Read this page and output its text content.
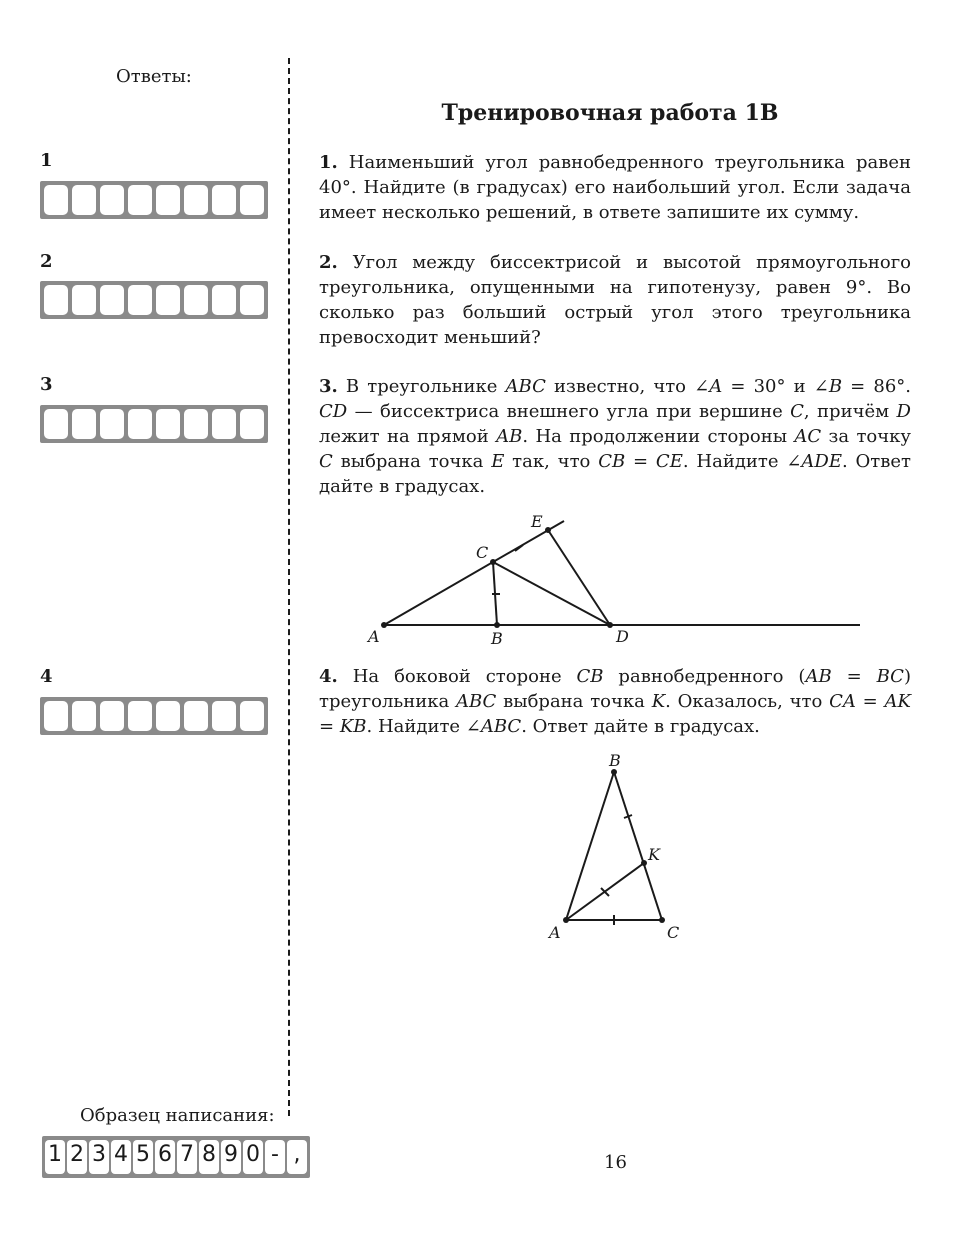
Ответы:
1
2
3
4
Тренировочная работа 1В
1. Наименьший угол равнобедренного треугольника равен 40°. Найдите (в градусах) его наибольший угол. Если задача имеет несколько решений, в ответе запишите их сумму.
2. Угол между биссектрисой и высотой прямоугольного треугольника, опущенными на гипотенузу, равен 9°. Во сколько раз больший острый угол этого треугольника превосходит меньший?
3. В треугольнике ABC известно, что ∠A = 30° и ∠B = 86°. CD — биссектриса внешнего угла при вершине C, причём D лежит на прямой AB. На продолжении стороны AC за точку C выбрана точка E так, что CB = CE. Найдите ∠ADE. Ответ дайте в градусах.
A	B
C
D
E
4. На боковой стороне CB равнобедренного (AB = BC) треугольника ABC выбрана точка K. Оказалось, что CA = AK = KB. Найдите ∠ABC. Ответ дайте в градусах.
A
B
C
K
Образец написания:
1 2 3 4 5 6 7 8 9 0 - ,	16
